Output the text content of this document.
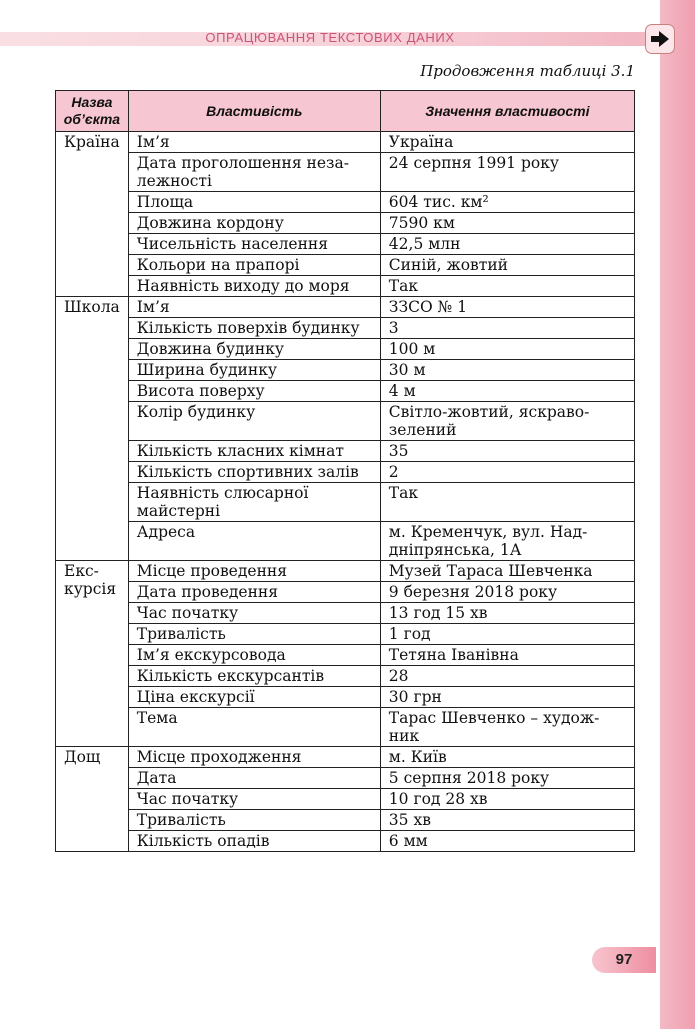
ОПРАЦЮВАННЯ ТЕКСТОВИХ ДАНИХ
Продовження таблиці 3.1
Назва об’єкта	Властивість	Значення властивості
Країна	Ім’я	Україна
	Дата проголошення неза-лежності	24 серпня 1991 року
	Площа	604 тис. км²
	Довжина кордону	7590 км
	Чисельність населення	42,5 млн
	Кольори на прапорі	Синій, жовтий
	Наявність виходу до моря	Так
Школа	Ім’я	ЗЗСО № 1
	Кількість поверхів будинку	3
	Довжина будинку	100 м
	Ширина будинку	30 м
	Висота поверху	4 м
	Колір будинку	Світло-жовтий, яскраво-зелений
	Кількість класних кімнат	35
	Кількість спортивних залів	2
	Наявність слюсарної майстерні	Так
	Адреса	м. Кременчук, вул. Над-дніпрянська, 1А
Екс-курсія	Місце проведення	Музей Тараса Шевченка
	Дата проведення	9 березня 2018 року
	Час початку	13 год 15 хв
	Тривалість	1 год
	Ім’я екскурсовода	Тетяна Іванівна
	Кількість екскурсантів	28
	Ціна екскурсії	30 грн
	Тема	Тарас Шевченко – худож-ник
Дощ	Місце проходження	м. Київ
	Дата	5 серпня 2018 року
	Час початку	10 год 28 хв
	Тривалість	35 хв
	Кількість опадів	6 мм
97
